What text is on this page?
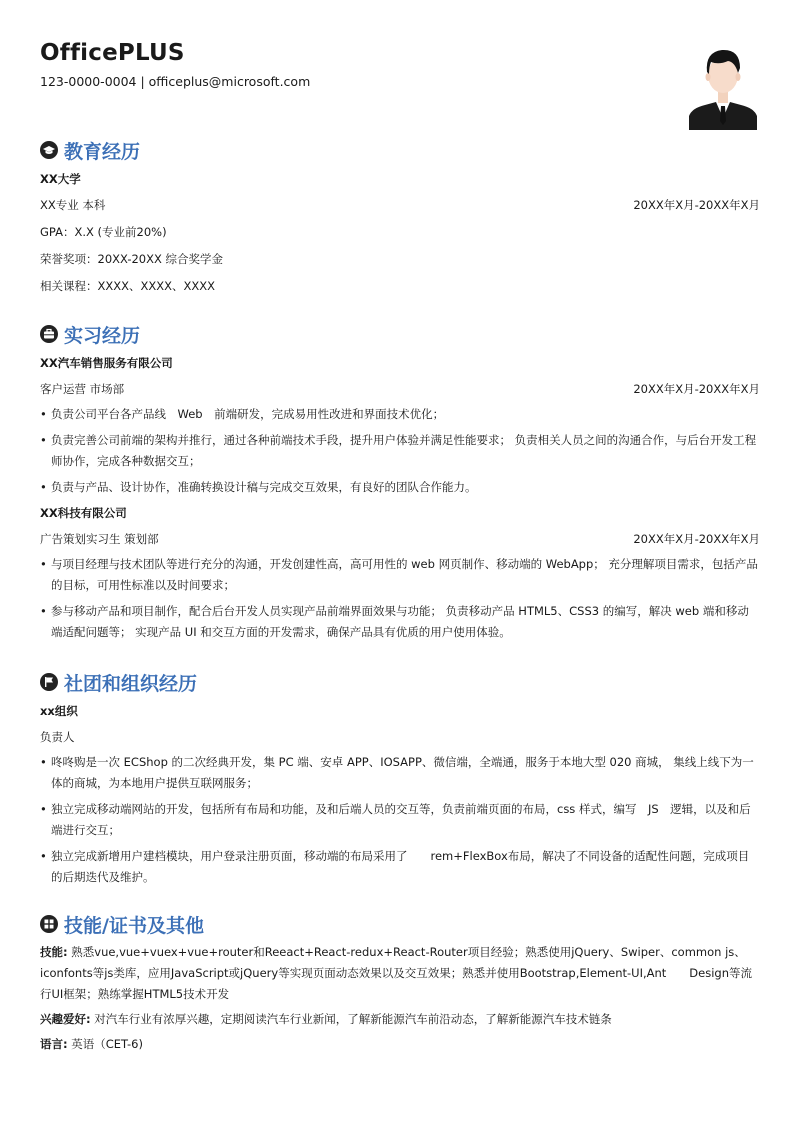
OfficePLUS
123-0000-0004 | officeplus@microsoft.com
教育经历
XX大学
XX专业 本科	20XX年X月-20XX年X月
GPA：X.X (专业前20%)
荣誉奖项：20XX-20XX 综合奖学金
相关课程：XXXX、XXXX、XXXX
实习经历
XX汽车销售服务有限公司
客户运营 市场部	20XX年X月-20XX年X月
• 负责公司平台各产品线　Web　前端研发，完成易用性改进和界面技术优化；
• 负责完善公司前端的架构并推行，通过各种前端技术手段，提升用户体验并满足性能要求； 负责相关人员之间的沟通合作，与后台开发工程师协作，完成各种数据交互；
• 负责与产品、设计协作，准确转换设计稿与完成交互效果，有良好的团队合作能力。
XX科技有限公司
广告策划实习生 策划部	20XX年X月-20XX年X月
• 与项目经理与技术团队等进行充分的沟通，开发创建性高，高可用性的 web 网页制作、移动端的 WebApp； 充分理解项目需求，包括产品的目标，可用性标准以及时间要求；
• 参与移动产品和项目制作，配合后台开发人员实现产品前端界面效果与功能； 负责移动产品 HTML5、CSS3 的编写，解决 web 端和移动端适配问题等； 实现产品 UI 和交互方面的开发需求，确保产品具有优质的用户使用体验。
社团和组织经历
xx组织
负责人
• 咚咚购是一次 ECShop 的二次经典开发，集 PC 端、安卓 APP、IOSAPP、微信端，全端通，服务于本地大型 020 商城， 集线上线下为一体的商城，为本地用户提供互联网服务；
• 独立完成移动端网站的开发，包括所有布局和功能，及和后端人员的交互等，负责前端页面的布局，css 样式，编写　JS　逻辑，以及和后端进行交互；
• 独立完成新增用户建档模块，用户登录注册页面，移动端的布局采用了　　rem+FlexBox布局，解决了不同设备的适配性问题，完成项目的后期迭代及维护。
技能/证书及其他
技能: 熟悉vue,vue+vuex+vue+router和Reeact+React-redux+React-Router项目经验；熟悉使用jQuery、Swiper、common js、iconfonts等js类库，应用JavaScript或jQuery等实现页面动态效果以及交互效果；熟悉并使用Bootstrap,Element-UI,Ant　　Design等流行UI框架；熟练掌握HTML5技术开发
兴趣爱好: 对汽车行业有浓厚兴趣，定期阅读汽车行业新闻，了解新能源汽车前沿动态，了解新能源汽车技术链条
语言: 英语（CET-6)
